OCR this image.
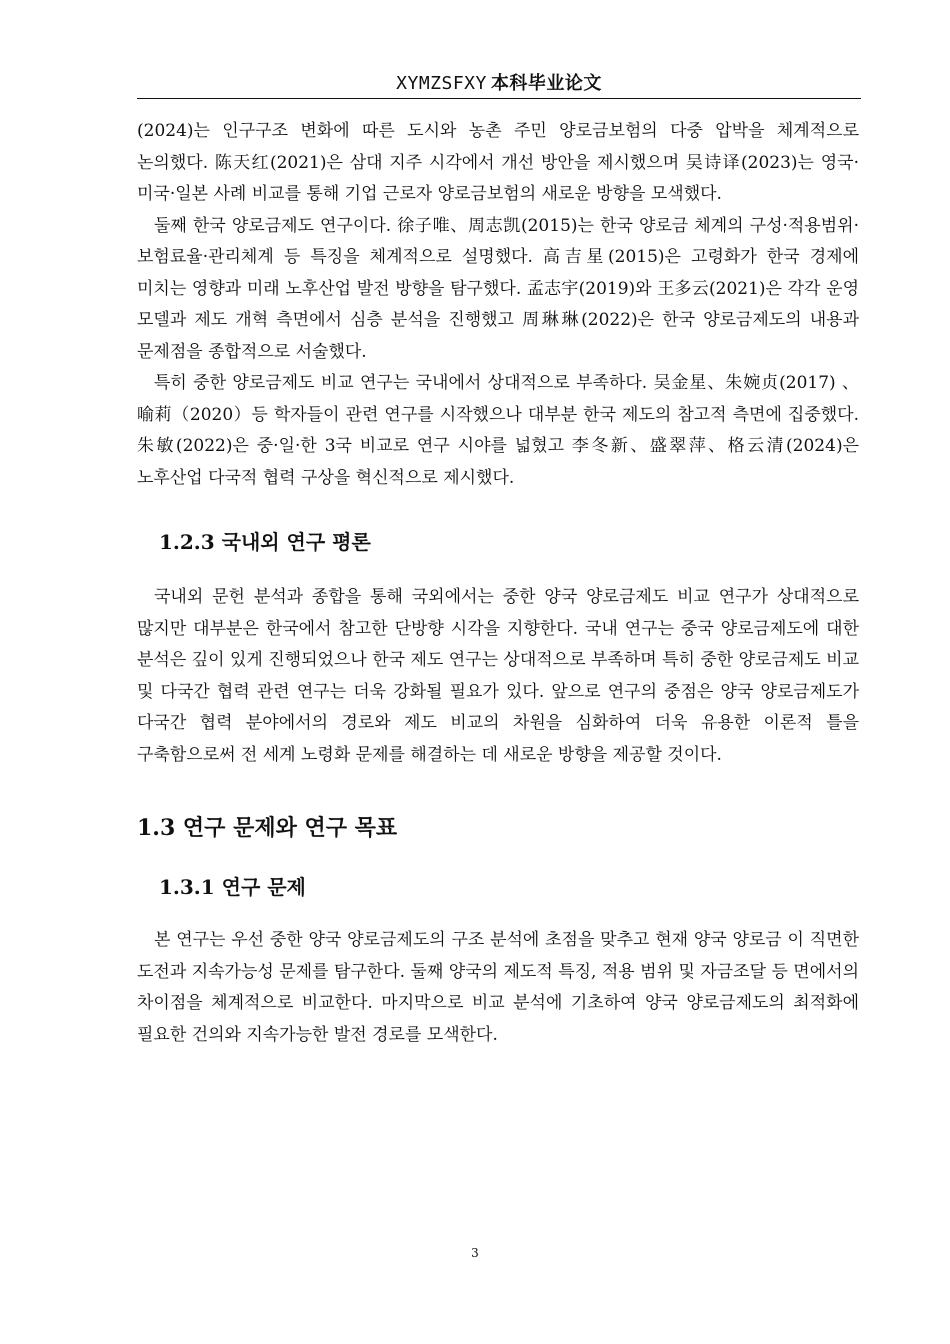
XYMZSFXY 本科毕业论文

(2024)는 인구구조 변화에 따른 도시와 농촌 주민 양로금보험의 다중 압박을 체계적으로 논의했다. 陈天红(2021)은 삼대 지주 시각에서 개선 방안을 제시했으며 吴诗译(2023)는 영국·미국·일본 사례 비교를 통해 기업 근로자 양로금보험의 새로운 방향을 모색했다.

둘째 한국 양로금제도 연구이다. 徐子唯、周志凯(2015)는 한국 양로금 체계의 구성·적용범위·보험료율·관리체계 등 특징을 체계적으로 설명했다. 高吉星(2015)은 고령화가 한국 경제에 미치는 영향과 미래 노후산업 발전 방향을 탐구했다. 孟志宇(2019)와 王多云(2021)은 각각 운영 모델과 제도 개혁 측면에서 심층 분석을 진행했고 周琳琳(2022)은 한국 양로금제도의 내용과 문제점을 종합적으로 서술했다.

특히 중한 양로금제도 비교 연구는 국내에서 상대적으로 부족하다. 吴金星、朱婉贞(2017) 、喻莉（2020）등 학자들이 관련 연구를 시작했으나 대부분 한국 제도의 참고적 측면에 집중했다. 朱敏(2022)은 중·일·한 3국 비교로 연구 시야를 넓혔고 李冬新、盛翠萍、格云清(2024)은 노후산업 다국적 협력 구상을 혁신적으로 제시했다.

1.2.3 국내외 연구 평론

국내외 문헌 분석과 종합을 통해 국외에서는 중한 양국 양로금제도 비교 연구가 상대적으로 많지만 대부분은 한국에서 참고한 단방향 시각을 지향한다. 국내 연구는 중국 양로금제도에 대한 분석은 깊이 있게 진행되었으나 한국 제도 연구는 상대적으로 부족하며 특히 중한 양로금제도 비교 및 다국간 협력 관련 연구는 더욱 강화될 필요가 있다. 앞으로 연구의 중점은 양국 양로금제도가 다국간 협력 분야에서의 경로와 제도 비교의 차원을 심화하여 더욱 유용한 이론적 틀을 구축함으로써 전 세계 노령화 문제를 해결하는 데 새로운 방향을 제공할 것이다.

1.3 연구 문제와 연구 목표
1.3.1 연구 문제

본 연구는 우선 중한 양국 양로금제도의 구조 분석에 초점을 맞추고 현재 양국 양로금 이 직면한 도전과 지속가능성 문제를 탐구한다. 둘째 양국의 제도적 특징, 적용 범위 및 자금조달 등 면에서의 차이점을 체계적으로 비교한다. 마지막으로 비교 분석에 기초하여 양국 양로금제도의 최적화에 필요한 건의와 지속가능한 발전 경로를 모색한다.

3
